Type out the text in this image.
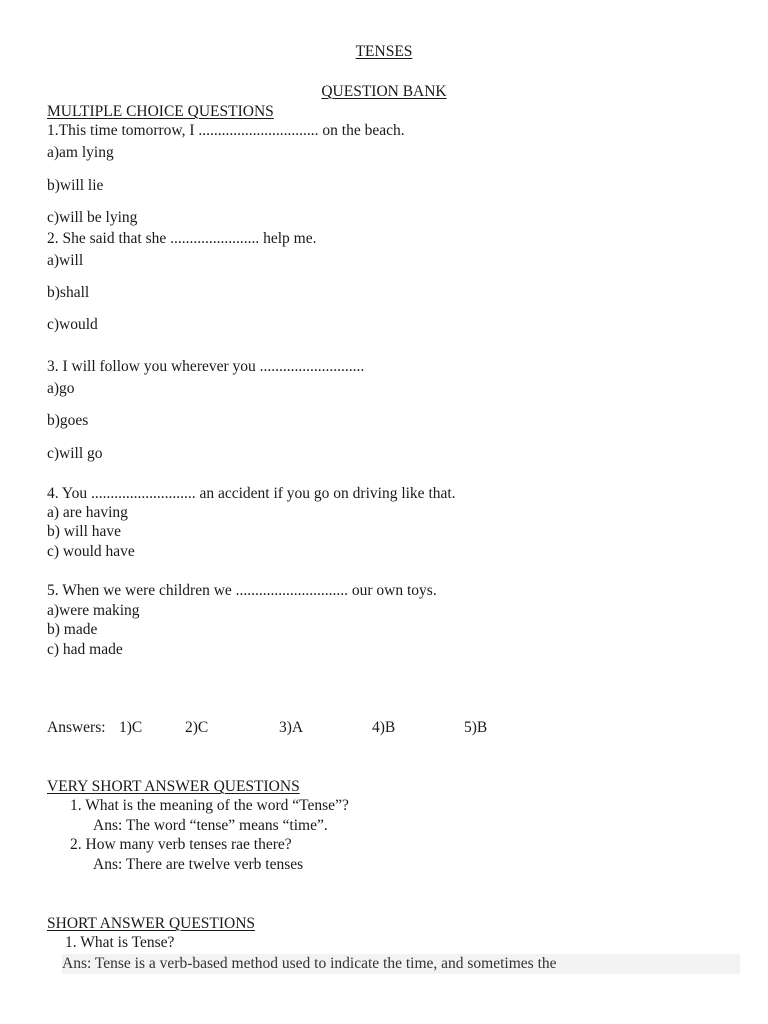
TENSES
QUESTION BANK
MULTIPLE CHOICE QUESTIONS
1.This time tomorrow, I ............................... on the beach.
a)am lying
b)will lie
c)will be lying
2. She said that she ....................... help me.
a)will
b)shall
c)would
3. I will follow you wherever you ...........................
a)go
b)goes
c)will go
4. You ........................... an accident if you go on driving like that.
a) are having
b) will have
c) would have
5. When we were children we ............................. our own toys.
a)were making
b) made
c) had made
Answers: 1)C	2)C	3)A	4)B	5)B
VERY SHORT ANSWER QUESTIONS
1. What is the meaning of the word “Tense”?
Ans: The word “tense” means “time”.
2. How many verb tenses rae there?
Ans: There are twelve verb tenses
SHORT ANSWER QUESTIONS
1. What is Tense?
Ans: Tense is a verb-based method used to indicate the time, and sometimes the
